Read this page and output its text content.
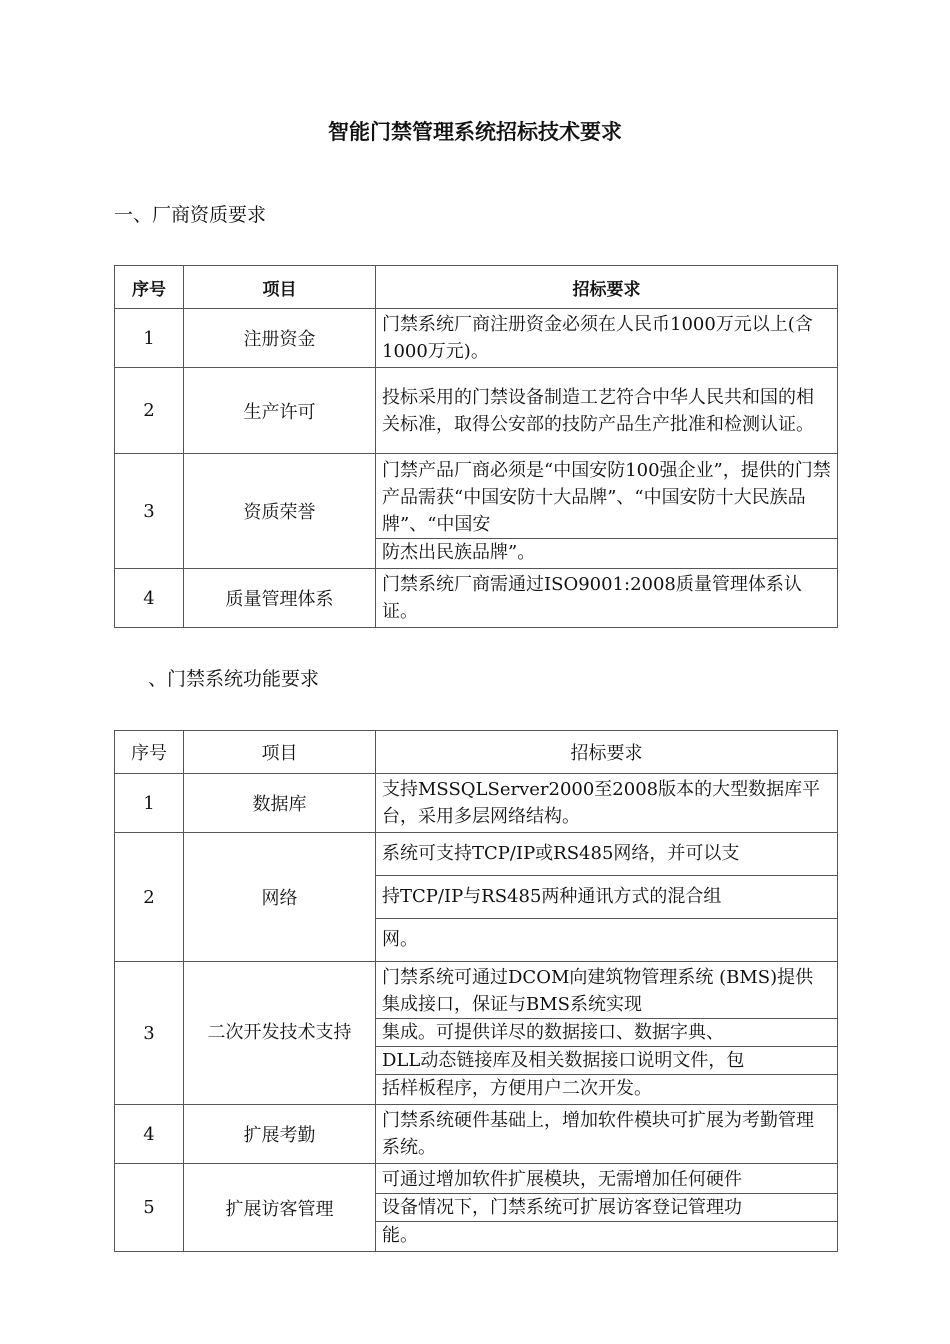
智能门禁管理系统招标技术要求
一、厂商资质要求
序号	项目	招标要求
1	注册资金	门禁系统厂商注册资金必须在人民币1000万元以上(含1000万元)。
2	生产许可	投标采用的门禁设备制造工艺符合中华人民共和国的相关标准，取得公安部的技防产品生产批准和检测认证。
3	资质荣誉	门禁产品厂商必须是“中国安防100强企业”，提供的门禁产品需获“中国安防十大品牌”、“中国安防十大民族品牌”、“中国安
防杰出民族品牌”。

4	质量管理体系	门禁系统厂商需通过ISO9001:2008质量管理体系认证。
、门禁系统功能要求
序号	项目	招标要求
1	数据库	支持MSSQLServer2000至2008版本的大型数据库平台，采用多层网络结构。
2	网络	系统可支持TCP/IP或RS485网络，并可以支
持TCP/IP与RS485两种通讯方式的混合组
网。

3	二次开发技术支持	门禁系统可通过DCOM向建筑物管理系统 (BMS)提供集成接口，保证与BMS系统实现
集成。可提供详尽的数据接口、数据字典、
DLL动态链接库及相关数据接口说明文件，包
括样板程序，方便用户二次开发。

4	扩展考勤	门禁系统硬件基础上，增加软件模块可扩展为考勤管理系统。
5	扩展访客管理	可通过增加软件扩展模块，无需增加任何硬件
设备情况下，门禁系统可扩展访客登记管理功
能。
